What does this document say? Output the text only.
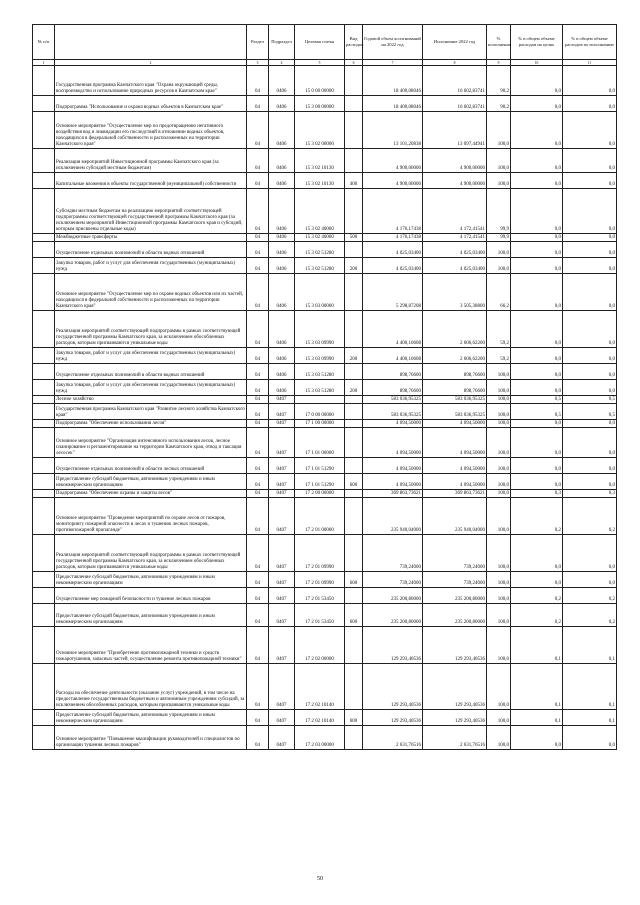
№ п/п		Раздел	Подраздел	Целевая статья	Вид расходов	Годовой объем ассигнований на 2022 год	Исполнение 2022 год	% исполнения	% в общем объеме расходов на целях	% в общем объеме расходов по исполнению
1	2	3	4	5	6	7	8	9	10	11
	Государственная программа Камчатского края "Охрана окружающей среды, воспроизводство и использование природных ресурсов в Камчатском крае"	04	0406	15 0 00 00000		18 400,08046	16 602,83741	90,2	0,0	0,0
	Подпрограмма "Использование и охрана водных объектов в Камчатском крае"	04	0406	15 3 00 00000		18 400,08046	16 602,83741	90,2	0,0	0,0
	Основное мероприятие "Осуществление мер по предотвращению негативного воздействия вод и ликвидации его последствий в отношении водных объектов, находящихся в федеральной собственности и расположенных на территории Камчатского края"	04	0406	15 3 02 00000		13 101,20838	13 097,44941	100,0	0,0	0,0
	Реализация мероприятий Инвестиционной программы Камчатского края (за исключением субсидий местным бюджетам)	04	0406	15 3 02 10130		4 900,00000	4 900,00000	100,0	0,0	0,0
	Капитальные вложения в объекты государственной (муниципальной) собственности	04	0406	15 3 02 10130	400	4 900,00000	4 900,00000	100,0	0,0	0,0
	Субсидии местным бюджетам на реализацию мероприятий соответствующей подпрограммы соответствующей государственной программы Камчатского края (за исключением мероприятий Инвестиционной программы Камчатского края и субсидий, которым присвоены отдельные коды)	04	0406	15 3 02 40060		4 176,17438	4 172,41541	99,9	0,0	0,0
	Межбюджетные трансферты	04	0406	15 3 02 40060	500	4 176,17438	4 172,41541	99,9	0,0	0,0
	Осуществление отдельных полномочий в области водных отношений	04	0406	15 3 02 51280		4 025,03400	4 025,03400	100,0	0,0	0,0
	Закупка товаров, работ и услуг для обеспечения государственных (муниципальных) нужд	04	0406	15 3 02 51280	200	4 025,03400	4 025,03400	100,0	0,0	0,0
	Основное мероприятие "Осуществление мер по охране водных объектов или их частей, находящихся в федеральной собственности и расположенных на территории Камчатского края"	04	0406	15 3 03 00000		5 298,87208	3 505,38800	66,2	0,0	0,0
	Реализация мероприятий соответствующей подпрограммы в рамках соответствующей государственной программы Камчатского края, за исключением обособленных расходов, которым присваиваются уникальные коды	04	0406	15 3 03 09990		4 400,10608	2 606,62200	59,2	0,0	0,0
	Закупка товаров, работ и услуг для обеспечения государственных (муниципальных) нужд	04	0406	15 3 03 09990	200	4 400,10608	2 606,62200	59,2	0,0	0,0
	Осуществление отдельных полномочий в области водных отношений	04	0406	15 3 03 51280		898,76600	898,76600	100,0	0,0	0,0
	Закупка товаров, работ и услуг для обеспечения государственных (муниципальных) нужд	04	0406	15 3 03 51280	200	898,76600	898,76600	100,0	0,0	0,0
	Лесное хозяйство	04	0407			583 036,95325	583 036,95325	100,0	0,5	0,5
	Государственная программа Камчатского края "Развитие лесного хозяйства Камчатского края"	04	0407	17 0 00 00000		583 036,95325	583 036,95325	100,0	0,5	0,5
	Подпрограмма "Обеспечение использования лесов"	04	0407	17 1 00 00000		4 094,50000	4 094,50000	100,0	0,0	0,0
	Основное мероприятие "Организация интенсивного использования лесов, лесное планирование и регламентирование на территории Камчатского края, отвод и таксация лесосек"	04	0407	17 1 01 00000		4 094,50000	4 094,50000	100,0	0,0	0,0
	Осуществление отдельных полномочий в области лесных отношений	04	0407	17 1 01 51290		4 094,50000	4 094,50000	100,0	0,0	0,0
	Предоставление субсидий бюджетным, автономным учреждениям и иным некоммерческим организациям	04	0407	17 1 01 51290	600	4 094,50000	4 094,50000	100,0	0,0	0,0
	Подпрограмма "Обеспечение охраны и защиты лесов"	04	0407	17 2 00 00000		369 863,73621	369 863,73621	100,0	0,3	0,3
	Основное мероприятие "Проведение мероприятий по охране лесов от пожаров, мониторингу пожарной опасности в лесах и тушению лесных пожаров, противопожарной пропаганде"	04	0407	17 2 01 00000		235 940,04000	235 940,04000	100,0	0,2	0,2
	Реализация мероприятий соответствующей подпрограммы в рамках соответствующей государственной программы Камчатского края, за исключением обособленных расходов, которым присваиваются уникальные коды	04	0407	17 2 01 09990		739,24000	739,24000	100,0	0,0	0,0
	Предоставление субсидий бюджетным, автономным учреждениям и иным некоммерческим организациям	04	0407	17 2 01 09990	600	739,24000	739,24000	100,0	0,0	0,0
	Осуществление мер пожарной безопасности и тушение лесных пожаров	04	0407	17 2 01 53450		235 200,80000	235 200,80000	100,0	0,2	0,2
	Предоставление субсидий бюджетным, автономным учреждениям и иным некоммерческим организациям	04	0407	17 2 01 53450	600	235 200,80000	235 200,80000	100,0	0,2	0,2
	Основное мероприятие "Приобретение противопожарной техники и средств пожаротушения, запасных частей, осуществление ремонта противопожарной техники"	04	0407	17 2 02 00000		129 293,40536	129 293,40536	100,0	0,1	0,1
	Расходы на обеспечение деятельности (оказание услуг) учреждений, в том числе на предоставление государственным бюджетным и автономным учреждениям субсидий, за исключением обособленных расходов, которым присваиваются уникальные коды	04	0407	17 2 02 10140		129 293,40536	129 293,40536	100,0	0,1	0,1
	Предоставление субсидий бюджетным, автономным учреждениям и иным некоммерческим организациям	04	0407	17 2 02 10140	600	129 293,40536	129 293,40536	100,0	0,1	0,1
	Основное мероприятие "Повышение квалификации руководителей и специалистов по организации тушения лесных пожаров"	04	0407	17 2 03 00000		2 631,76516	2 631,76516	100,0	0,0	0,0
50
